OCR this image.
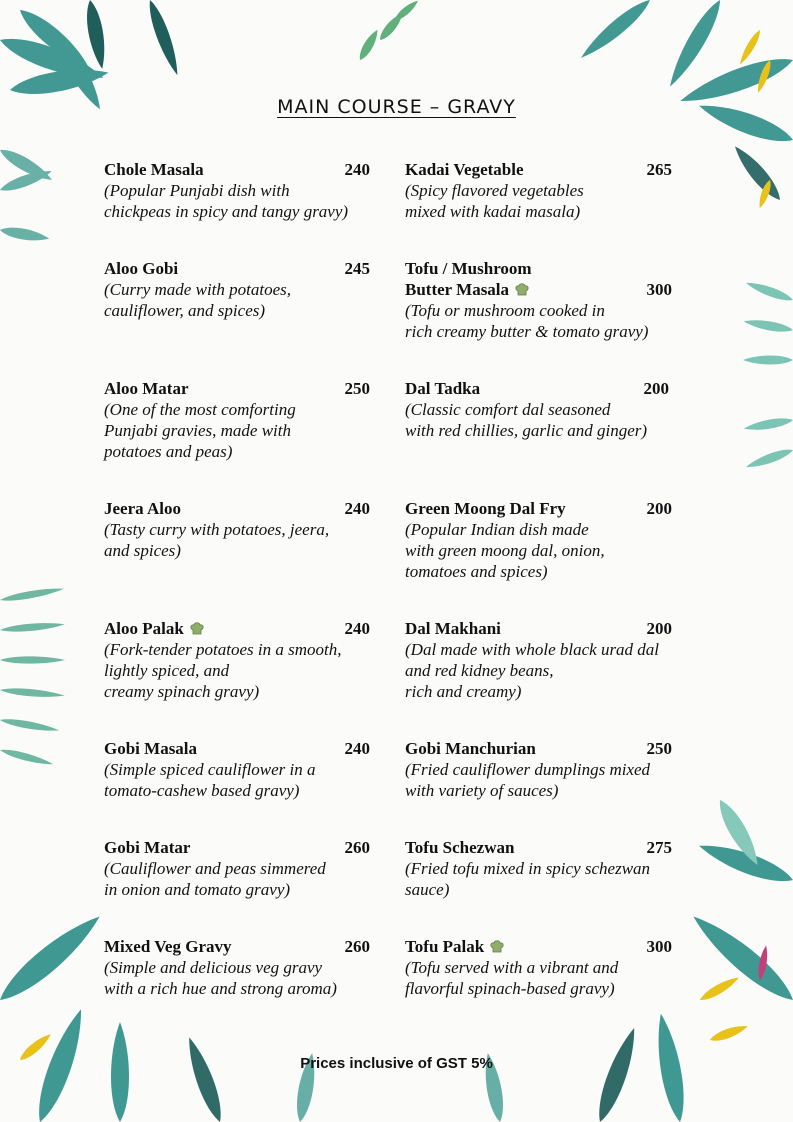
MAIN COURSE – GRAVY
Chole Masala	240
(Popular Punjabi dish with
chickpeas in spicy and tangy gravy)
Aloo Gobi	245
(Curry made with potatoes,
cauliflower, and spices)
Aloo Matar	250
(One of the most comforting
Punjabi gravies, made with
potatoes and peas)
Jeera Aloo	240
(Tasty curry with potatoes, jeera,
and spices)
Aloo Palak	240
(Fork-tender potatoes in a smooth,
lightly spiced, and
creamy spinach gravy)
Gobi Masala	240
(Simple spiced cauliflower in a
tomato-cashew based gravy)
Gobi Matar	260
(Cauliflower and peas simmered
in onion and tomato gravy)
Mixed Veg Gravy	260
(Simple and delicious veg gravy
with a rich hue and strong aroma)
Kadai Vegetable	265
(Spicy flavored vegetables
mixed with kadai masala)
Tofu / Mushroom
Butter Masala	300
(Tofu or mushroom cooked in
rich creamy butter & tomato gravy)
Dal Tadka	200
(Classic comfort dal seasoned
with red chillies, garlic and ginger)
Green Moong Dal Fry	200
(Popular Indian dish made
with green moong dal, onion,
tomatoes and spices)
Dal Makhani	200
(Dal made with whole black urad dal
and red kidney beans,
rich and creamy)
Gobi Manchurian	250
(Fried cauliflower dumplings mixed
with variety of sauces)
Tofu Schezwan	275
(Fried tofu mixed in spicy schezwan
sauce)
Tofu Palak	300
(Tofu served with a vibrant and
flavorful spinach-based gravy)
Prices inclusive of GST 5%
